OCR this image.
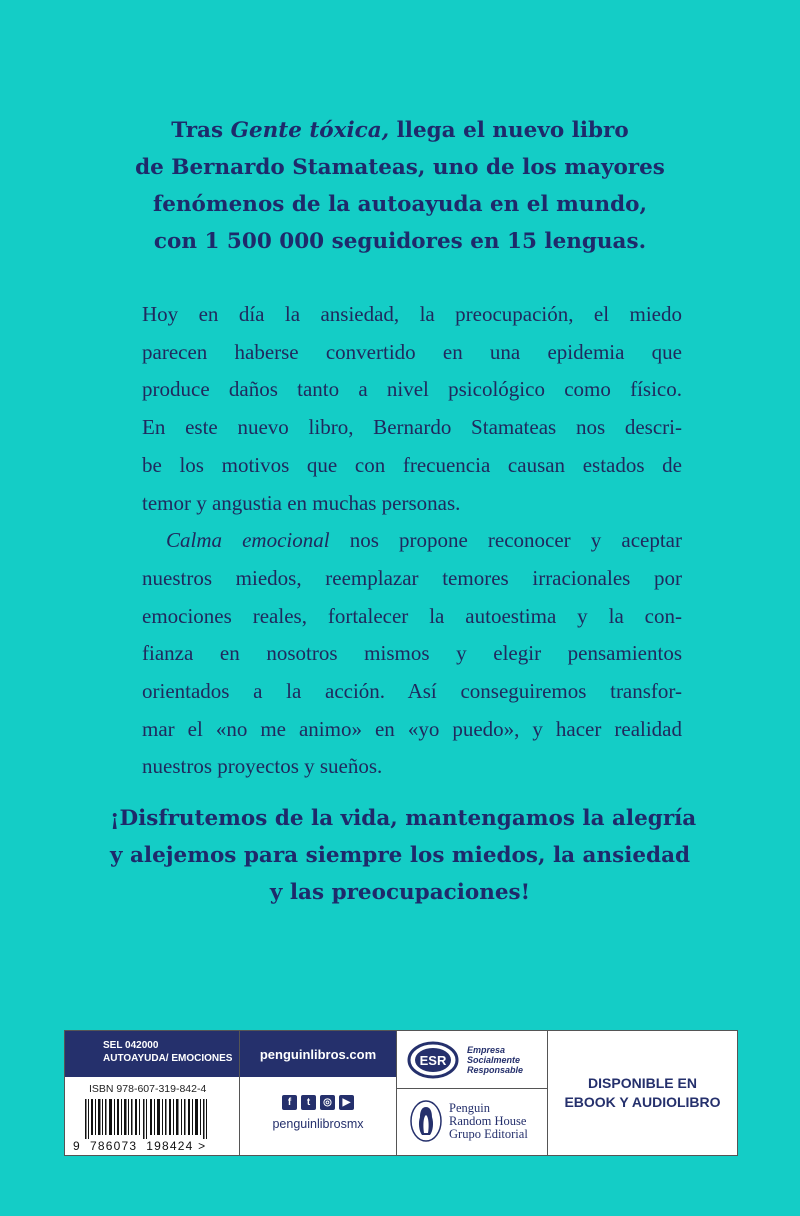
Tras Gente tóxica, llega el nuevo libro
de Bernardo Stamateas, uno de los mayores
fenómenos de la autoayuda en el mundo,
con 1 500 000 seguidores en 15 lenguas.
Hoy en día la ansiedad, la preocupación, el miedo
parecen haberse convertido en una epidemia que
produce daños tanto a nivel psicológico como físico.
En este nuevo libro, Bernardo Stamateas nos descri-
be los motivos que con frecuencia causan estados de
temor y angustia en muchas personas.
Calma emocional nos propone reconocer y aceptar
nuestros miedos, reemplazar temores irracionales por
emociones reales, fortalecer la autoestima y la con-
fianza en nosotros mismos y elegir pensamientos
orientados a la acción. Así conseguiremos transfor-
mar el «no me animo» en «yo puedo», y hacer realidad
nuestros proyectos y sueños.
¡Disfrutemos de la vida, mantengamos la alegría
y alejemos para siempre los miedos, la ansiedad
y las preocupaciones!
SEL 042000
AUTOAYUDA/ EMOCIONES
ISBN 978-607-319-842-4
9 786073 198424 >
penguinlibros.com
f	t	◎	▶
penguinlibrosmx
ESR
Empresa
Socialmente
Responsable
Penguin
Random House
Grupo Editorial
DISPONIBLE EN
EBOOK Y AUDIOLIBRO
